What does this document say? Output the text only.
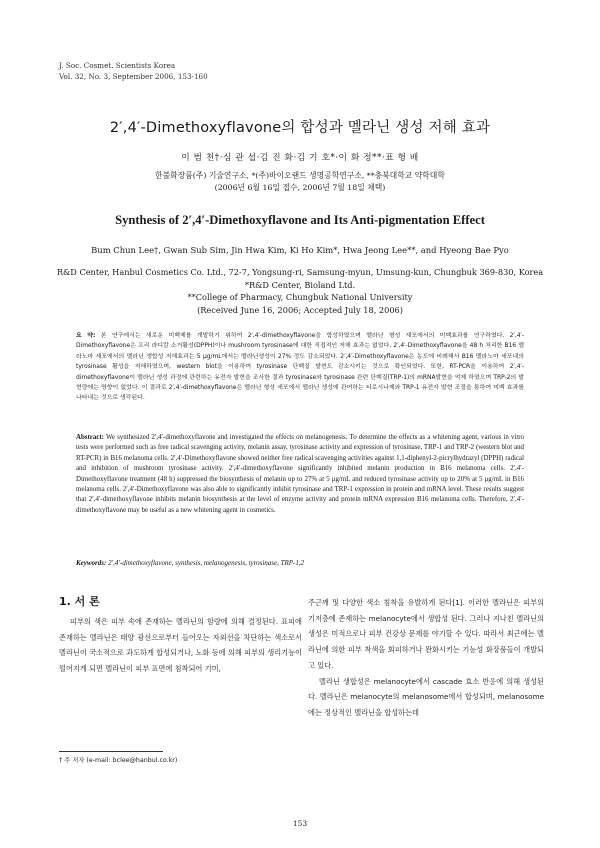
J. Soc. Cosmet. Scientists Korea
Vol. 32, No. 3, September 2006, 153-160
2′,4′-Dimethoxyflavone의 합성과 멜라닌 생성 저해 효과
이 범 천†·심 관 섭·김 진 화·김 기 호*·이 화 정**·표 형 배
한불화장품(주) 기술연구소, *(주)바이오랜드 생명공학연구소, **충북대학교 약학대학
(2006년 6월 16일 접수, 2006년 7월 18일 채택)
Synthesis of 2′,4′-Dimethoxyflavone and Its Anti-pigmentation Effect
Bum Chun Lee†, Gwan Sub Sim, Jin Hwa Kim, Ki Ho Kim*, Hwa Jeong Lee**, and Hyeong Bae Pyo
R&D Center, Hanbul Cosmetics Co. Ltd., 72-7, Yongsung-ri, Samsung-myun, Umsung-kun, Chungbuk 369-830, Korea
*R&D Center, Bioland Ltd.
**College of Pharmacy, Chungbuk National University
(Received June 16, 2006; Accepted July 18, 2006)
요 약: 본 연구에서는 새로운 미백제를 개발하기 위하여 2′,4′-dimethoxyflavone을 합성하였으며 멜라닌 형성 세포에서의 미백효과를 연구하였다. 2′,4′-Dimethoxyflavone은 프리 라디칼 소거활성(DPPH)이나 mushroom tyrosinase에 대한 직접적인 저해 효과는 없었다. 2′,4′-Dimethoxyflavone을 48 h 처리한 B16 멜라노마 세포에서의 멜라닌 생합성 저해효과는 5 μg/mL에서는 멜라닌생성이 27% 정도 감소되었다. 2′,4′-Dimethoxyflavone은 농도에 비례해서 B16 멜라노마 세포내의 tyrosinase 활성을 저해하였으며, western blot을 이용하여 tyrosinase 단백질 발현도 감소시키는 것으로 확인되었다. 또한, RT-PCR을 이용하여 2′,4′-dimethoxyflavone이 멜라닌 생성 과정에 관련하는 유전자 발현을 조사한 결과 tyrosinase와 tyrosinase 관련 단백질(TRP-1)의 mRNA발현을 억제 하였으며 TRP-2의 발현량에는 영향이 없었다. 이 결과로 2′,4′-dimethoxyflavone은 멜라닌 형성 세포에서 멜라닌 생성에 관여하는 티로시나제와 TRP-1 유전자 발현 조절을 통하여 미백 효과를 나타내는 것으로 생각된다.
Abstract: We synthesized 2′,4′-dimethoxyflavone and investigated the effects on melanogenesis. To determine the effects as a whitening agent, various in vitro tests were performed such as free radical scavenging activity, melanin assay, tyrosinase activity and expression of tyrosinase, TRP-1 and TRP-2 (western blot and RT-PCR) in B16 melanoma cells. 2′,4′-Dimethoxyflavone showed neither free radical scavenging activities against 1,1-diphenyl-2-picrylhydrazyl (DPPH) radical and inhibition of mushroom tyrosinase activity. 2′,4′-dimethoxyflavone significantly inhibited melanin production in B16 melanoma cells. 2′,4′-Dimethoxyflavone treatment (48 h) suppressed the biosynthesis of melanin up to 27% at 5 μg/mL and reduced tyrosinase activity up to 20% at 5 μg/mL in B16 melanoma cells. 2′,4′-Dimethoxyflavone was also able to significantly inhibit tyrosinase and TRP-1 expression in protein and mRNA level. These results suggest that 2′,4′-dimethoxyflavone inhibits melanin biosynthesis at the level of enzyme activity and protein mRNA expression B16 melanoma cells. Therefore, 2′,4′-dimethoxyflavone may be useful as a new whitening agent in cosmetics.
Keywords: 2′,4′-dimethoxyflavone, synthesis, melanogenesis, tyrosinase, TRP-1,2
1. 서 론

피부의 색은 피부 속에 존재하는 멜라닌의 함량에 의해 결정된다. 표피에 존재하는 멜라닌은 태양 광선으로부터 들어오는 자외선을 차단하는 색소로서 멜라닌이 국소적으로 과도하게 합성되거나, 노화 등에 의해 피부의 생리기능이 떨어지게 되면 멜라닌이 피부 표면에 침착되어 기미,

주근깨 및 다양한 색소 침착을 유발하게 된다[1]. 이러한 멜라닌은 피부의 기저층에 존재하는 melanocyte에서 생합성 된다. 그러나 지나친 멜라닌의 생성은 미적으로나 피부 건강상 문제를 야기할 수 있다. 따라서 최근에는 멜라닌에 의한 피부 착색을 회피하거나 완화시키는 기능성 화장품들이 개발되고 있다.

멜라닌 생합성은 melanocyte에서 cascade 효소 반응에 의해 생성된다. 멜라닌은 melanocyte의 melanosome에서 합성되며, melanosome에는 정상적인 멜라닌을 합성하는데

† 주 저자 (e-mail: bclee@hanbul.co.kr)
153
